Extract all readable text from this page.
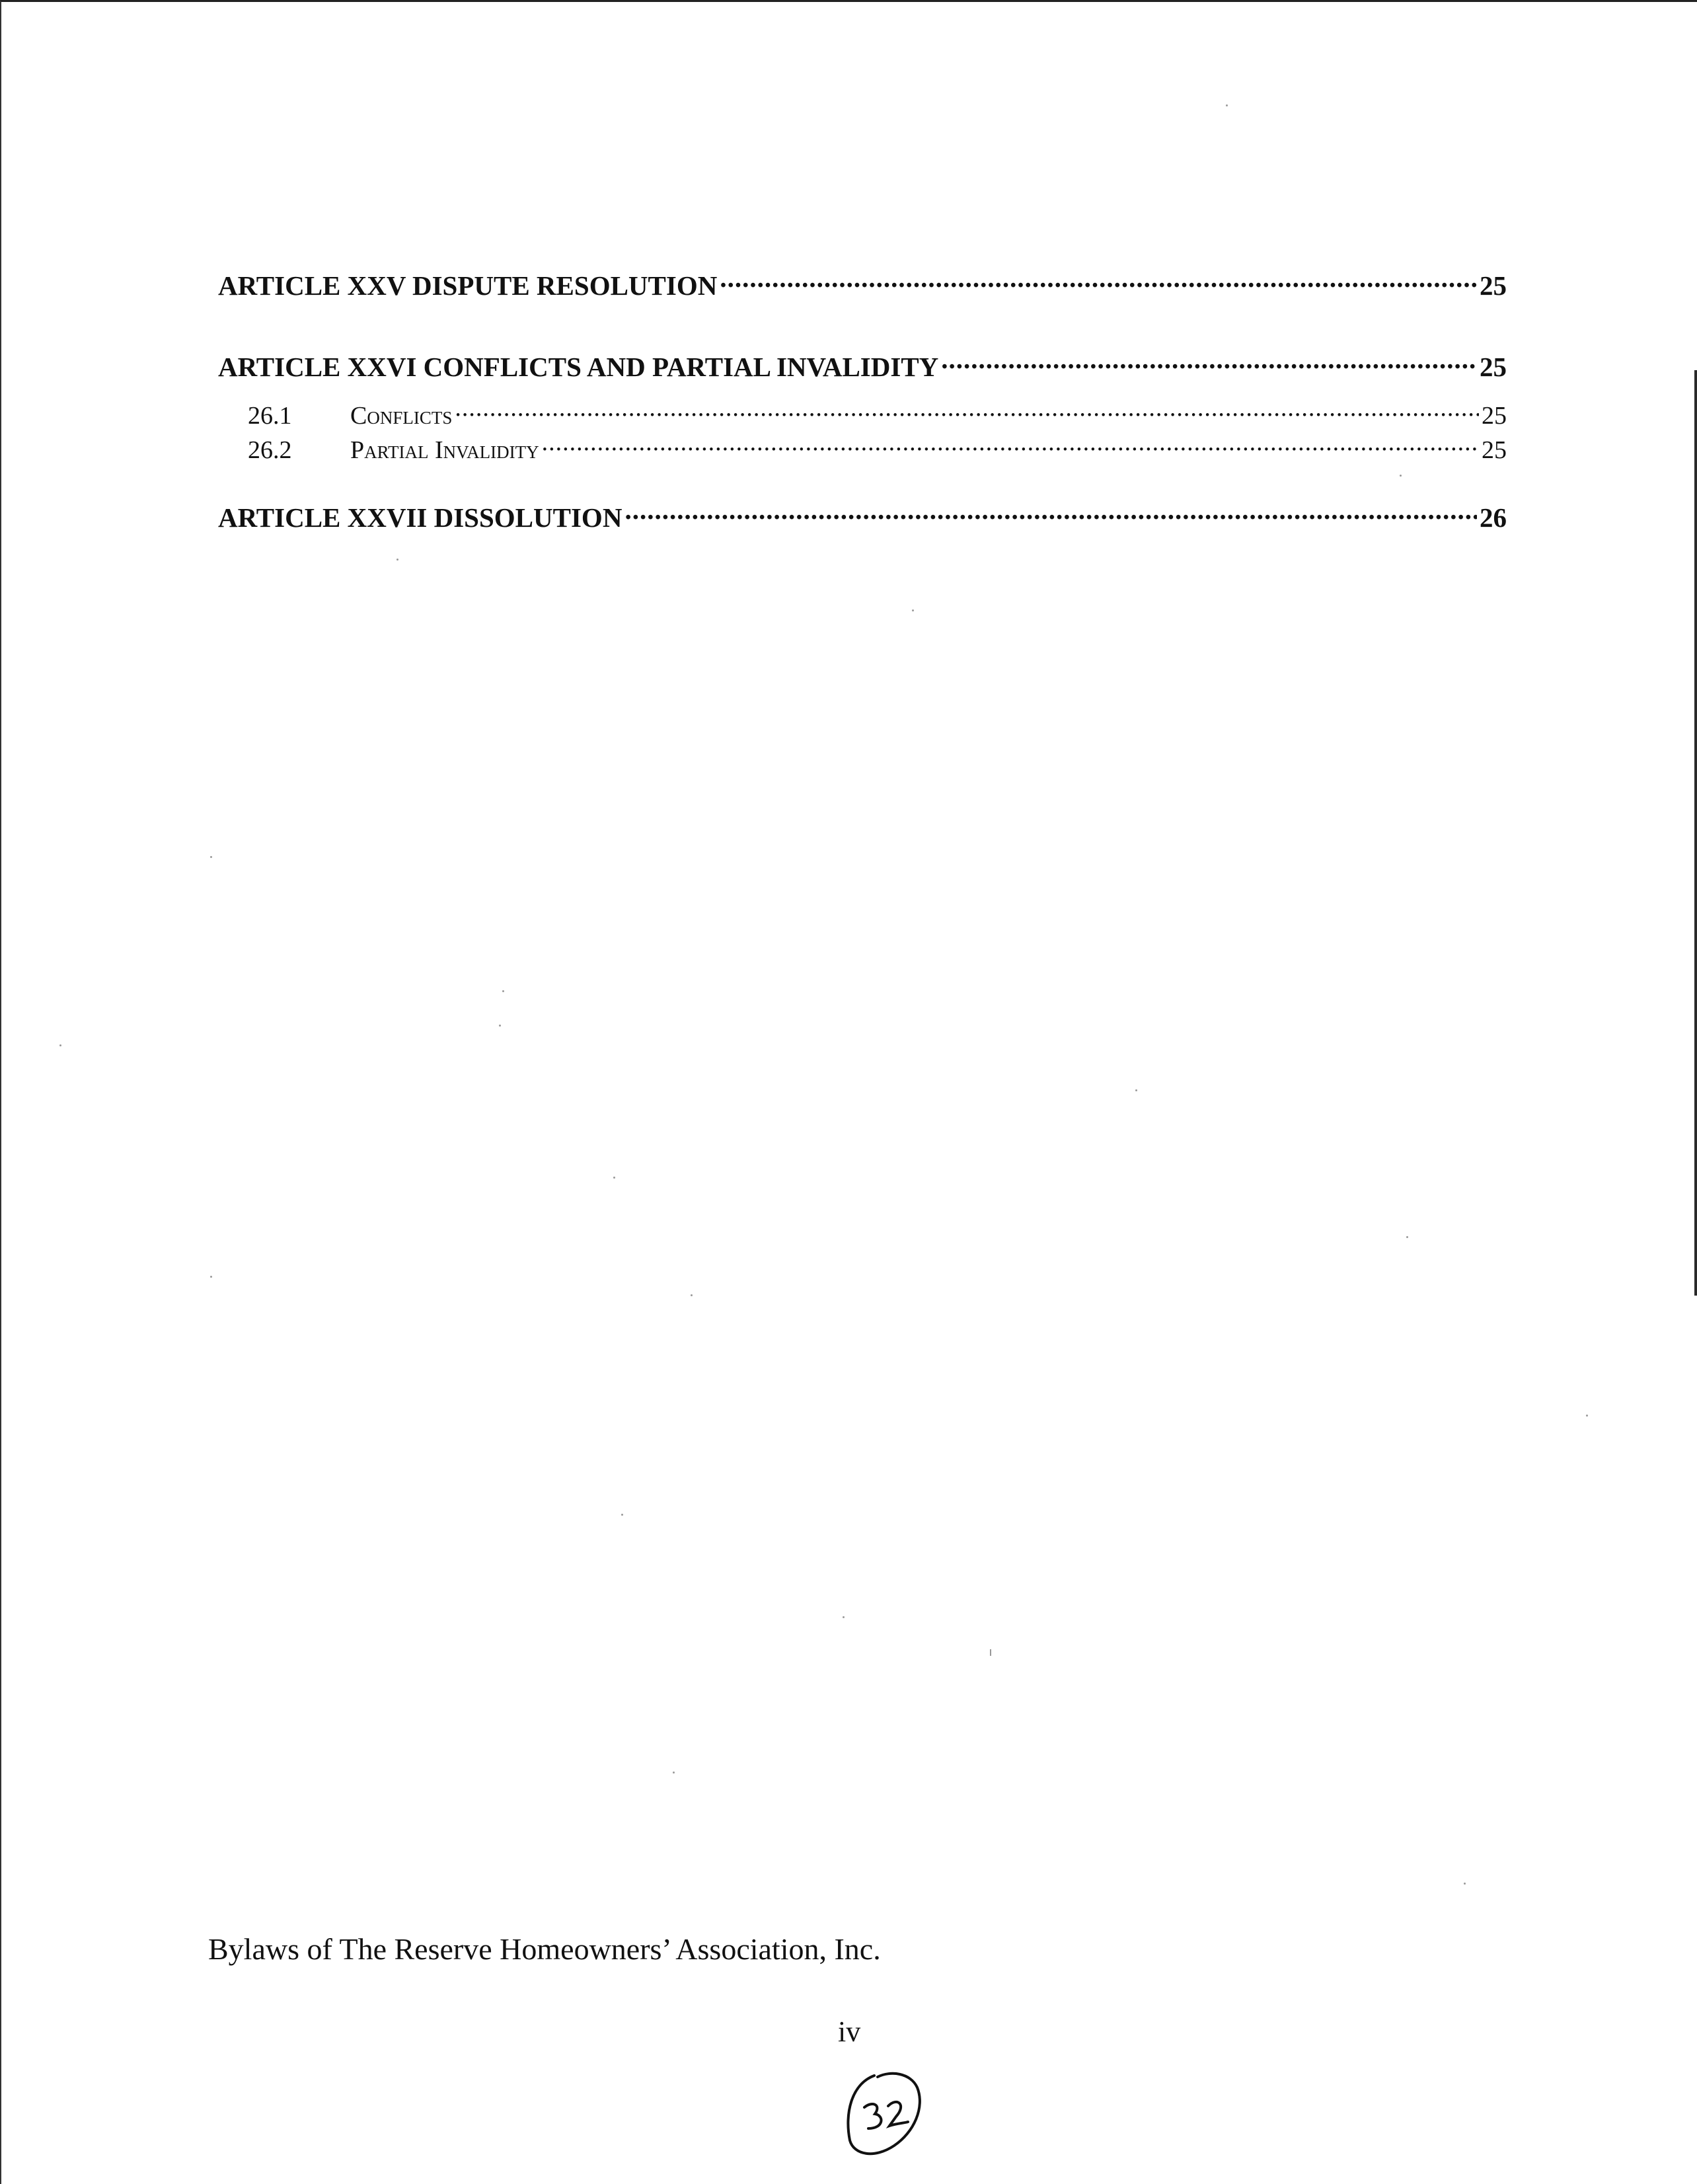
ARTICLE XXV DISPUTE RESOLUTION .....	25
ARTICLE XXVI CONFLICTS AND PARTIAL INVALIDITY .....	25
26.1	Conflicts .....	25
26.2	Partial Invalidity .....	25
ARTICLE XXVII DISSOLUTION .....	26
Bylaws of The Reserve Homeowners’ Association, Inc.
iv
